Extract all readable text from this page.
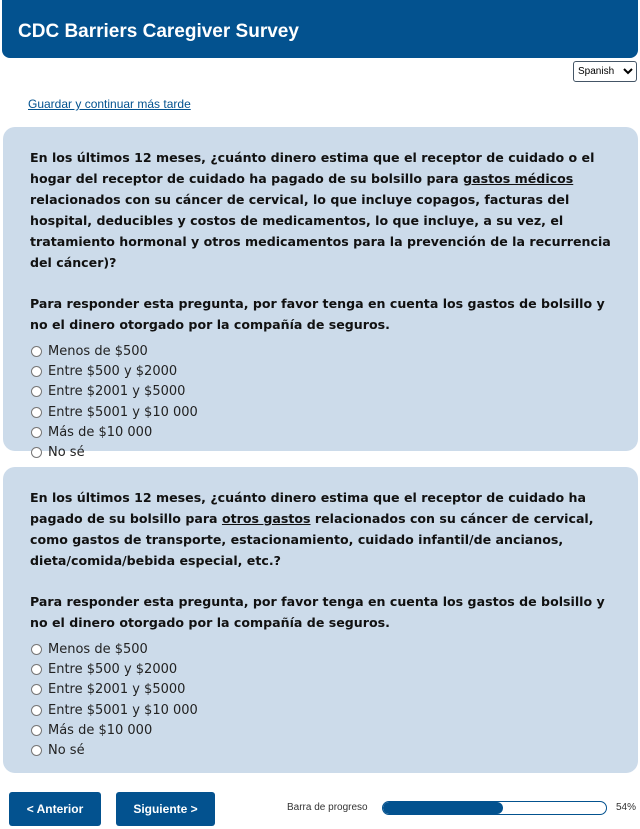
CDC Barriers Caregiver Survey
Spanish
Guardar y continuar más tarde

En los últimos 12 meses, ¿cuánto dinero estima que el receptor de cuidado o el hogar del receptor de cuidado ha pagado de su bolsillo para gastos médicos relacionados con su cáncer de cervical, lo que incluye copagos, facturas del hospital, deducibles y costos de medicamentos, lo que incluye, a su vez, el tratamiento hormonal y otros medicamentos para la prevención de la recurrencia del cáncer)?

Para responder esta pregunta, por favor tenga en cuenta los gastos de bolsillo y no el dinero otorgado por la compañía de seguros.

Menos de $500
Entre $500 y $2000
Entre $2001 y $5000
Entre $5001 y $10 000
Más de $10 000
No sé

En los últimos 12 meses, ¿cuánto dinero estima que el receptor de cuidado ha pagado de su bolsillo para otros gastos relacionados con su cáncer de cervical, como gastos de transporte, estacionamiento, cuidado infantil/de ancianos, dieta/comida/bebida especial, etc.?

Para responder esta pregunta, por favor tenga en cuenta los gastos de bolsillo y no el dinero otorgado por la compañía de seguros.

Menos de $500
Entre $500 y $2000
Entre $2001 y $5000
Entre $5001 y $10 000
Más de $10 000
No sé
< Anterior	Siguiente >	Barra de progreso	54%
